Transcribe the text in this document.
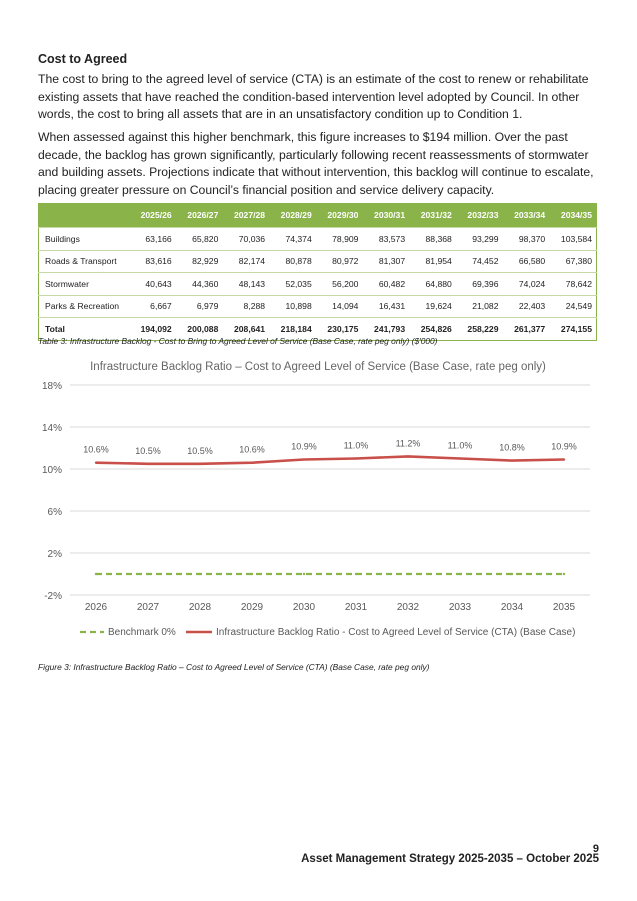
Cost to Agreed

The cost to bring to the agreed level of service (CTA) is an estimate of the cost to renew or rehabilitate existing assets that have reached the condition-based intervention level adopted by Council. In other words, the cost to bring all assets that are in an unsatisfactory condition up to Condition 1.

When assessed against this higher benchmark, this figure increases to $194 million. Over the past decade, the backlog has grown significantly, particularly following recent reassessments of stormwater and building assets. Projections indicate that without intervention, this backlog will continue to escalate, placing greater pressure on Council’s financial position and service delivery capacity.

	2025/26	2026/27	2027/28	2028/29	2029/30	2030/31	2031/32	2032/33	2033/34	2034/35
Buildings	63,166	65,820	70,036	74,374	78,909	83,573	88,368	93,299	98,370	103,584
Roads & Transport	83,616	82,929	82,174	80,878	80,972	81,307	81,954	74,452	66,580	67,380
Stormwater	40,643	44,360	48,143	52,035	56,200	60,482	64,880	69,396	74,024	78,642
Parks & Recreation	6,667	6,979	8,288	10,898	14,094	16,431	19,624	21,082	22,403	24,549
Total	194,092	200,088	208,641	218,184	230,175	241,793	254,826	258,229	261,377	274,155

Table 3: Infrastructure Backlog - Cost to Bring to Agreed Level of Service (Base Case, rate peg only) ($'000)

Infrastructure Backlog Ratio – Cost to Agreed Level of Service (Base Case, rate peg only)
-2%
2%
6%
10%
14%
18%
2026	2027	2028	2029	2030	2031	2032	2033	2034	2035
10.6%	10.5%	10.5%	10.6%	10.9%	11.0%	11.2%	11.0%	10.8%	10.9%
Benchmark 0%	Infrastructure Backlog Ratio - Cost to Agreed Level of Service (CTA) (Base Case)

Figure 3: Infrastructure Backlog Ratio – Cost to Agreed Level of Service (CTA) (Base Case, rate peg only)

9

Asset Management Strategy 2025-2035 – October 2025
